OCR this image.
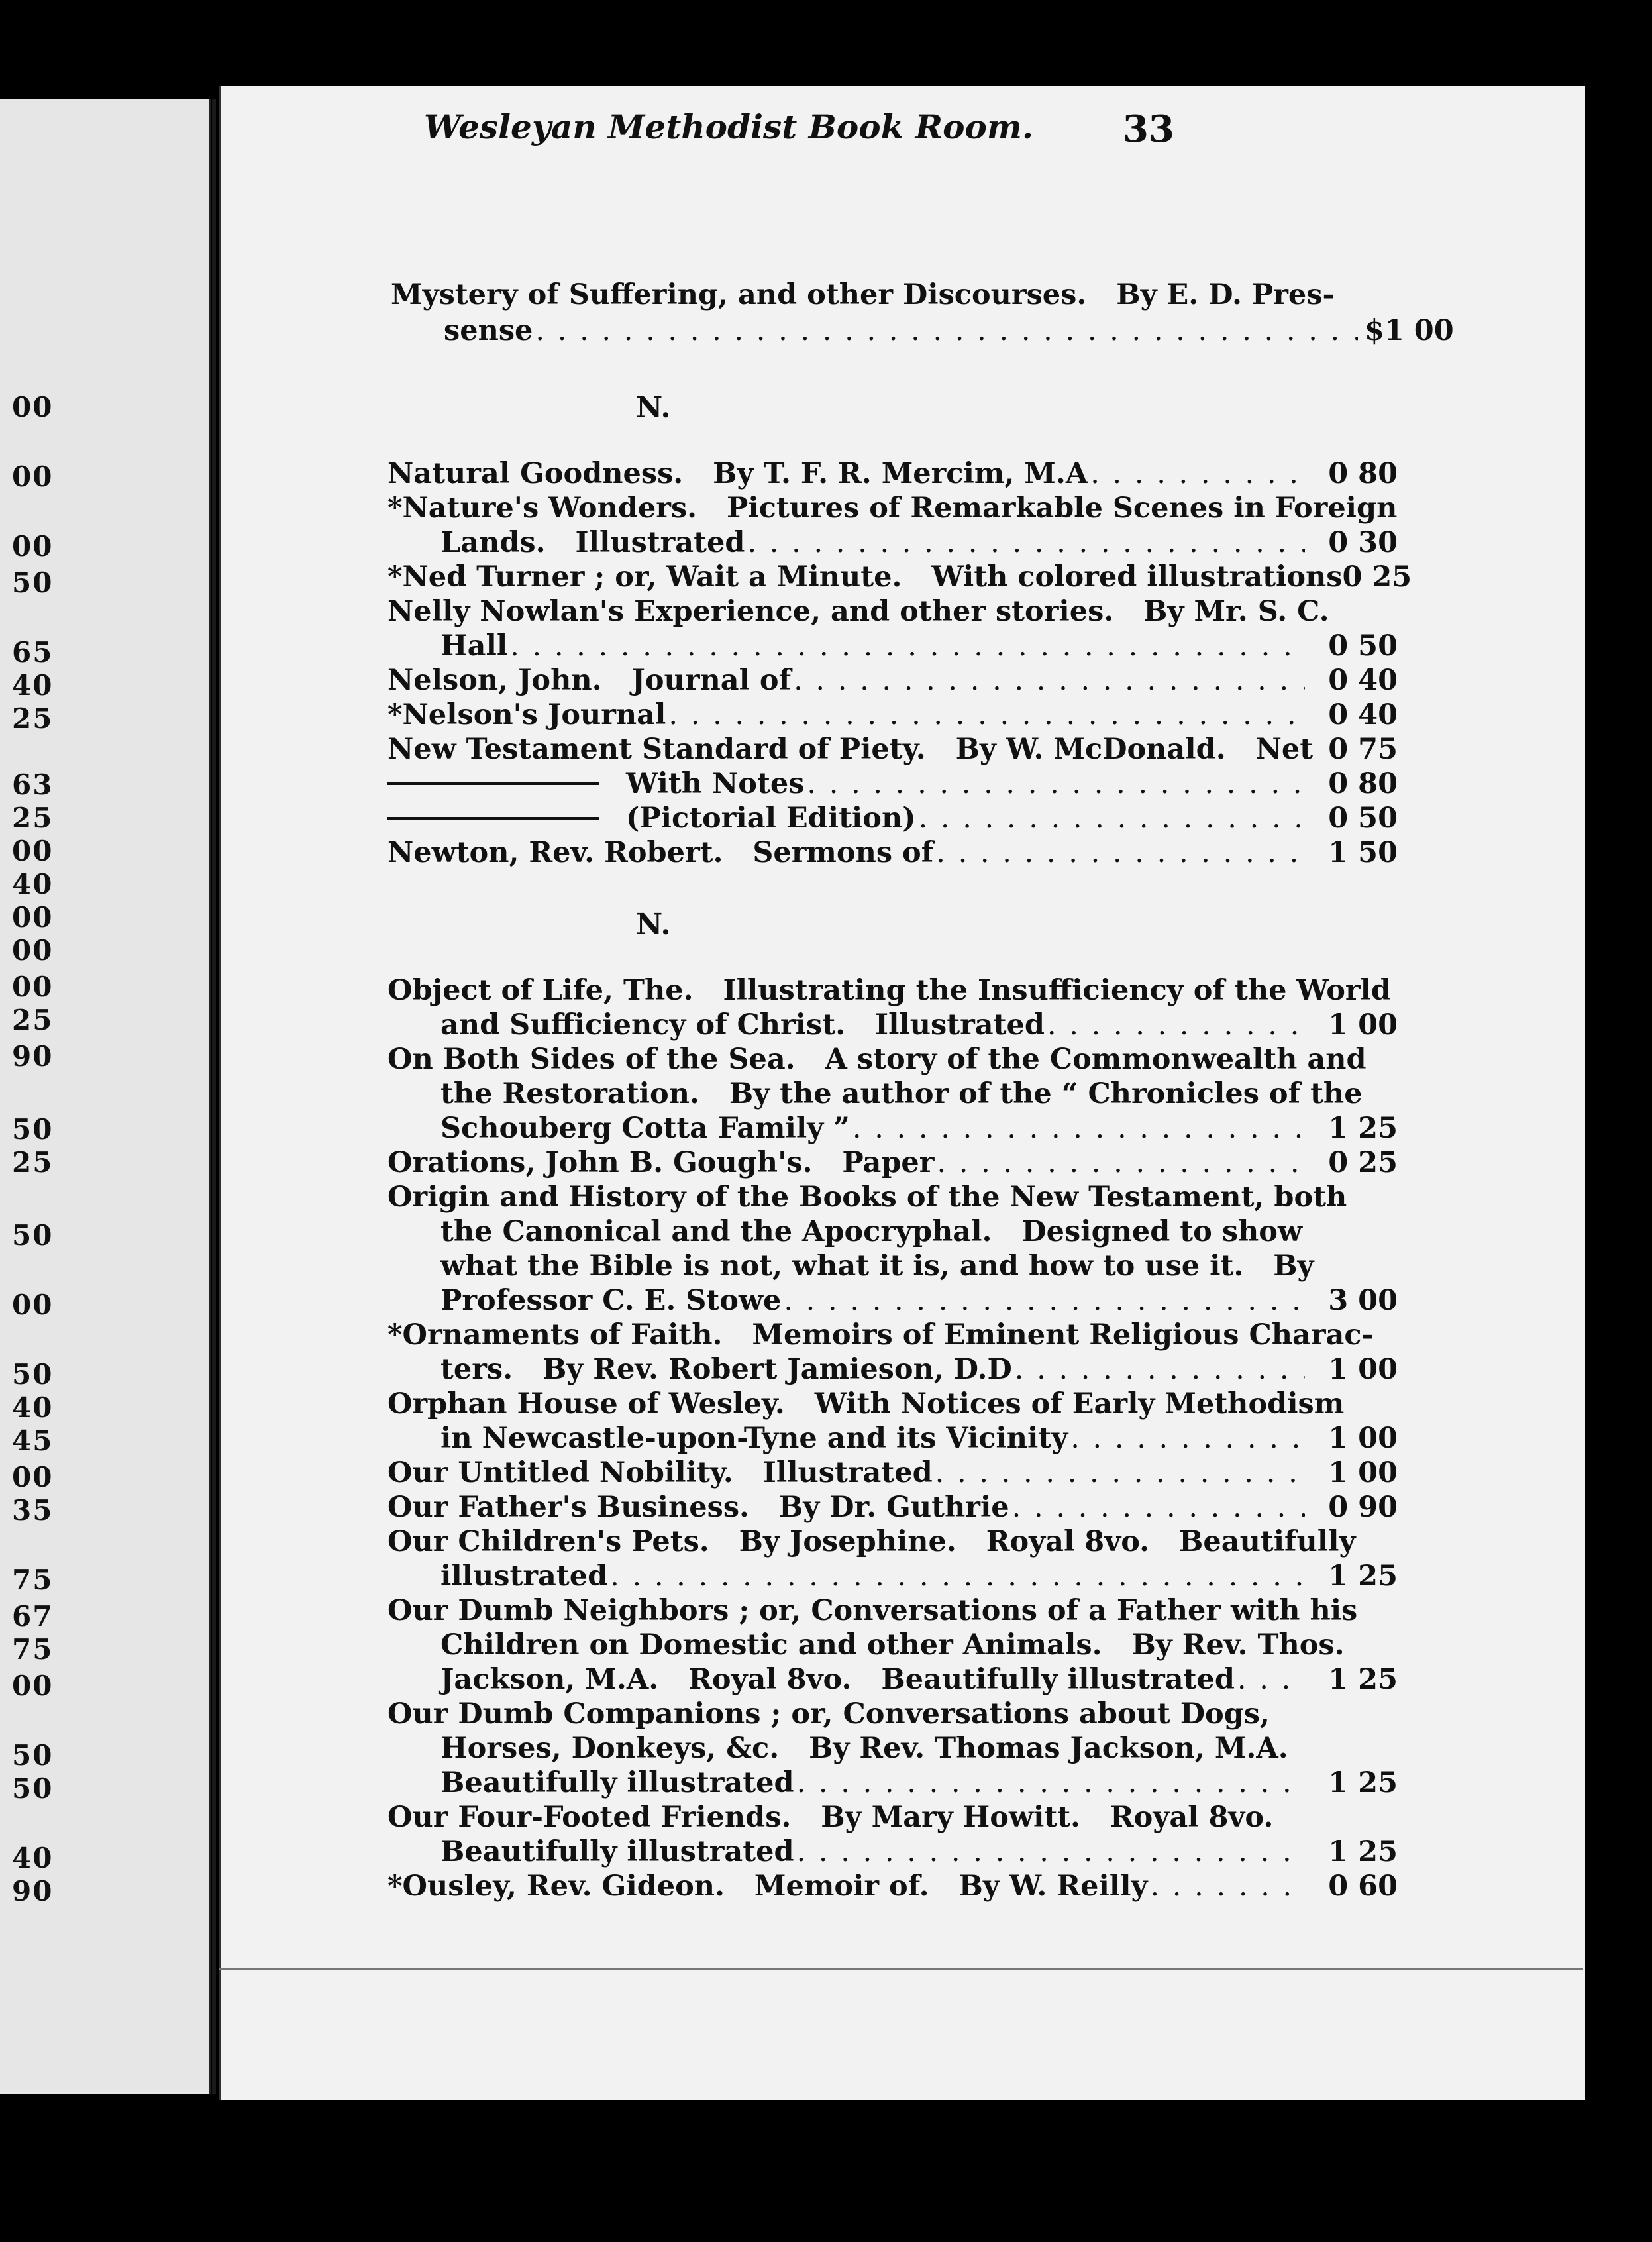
00
00
00
50
65
40
25
63
25
00
40
00
00
00
25
90
50
25
50
00
50
40
45
00
35
75
67
75
00
50
50
40
90
Wesleyan Methodist Book Room. 33
Mystery of Suffering, and other Discourses.   By E. D. Pres-
sense . . .	$1 00
N.
Natural Goodness.   By T. F. R. Mercim, M.A . . .	0 80
*Nature's Wonders.   Pictures of Remarkable Scenes in Foreign
Lands.   Illustrated . . .	0 30
*Ned Turner ; or, Wait a Minute.   With colored illustrations 0 25
Nelly Nowlan's Experience, and other stories.   By Mr. S. C.
Hall . . .	0 50
Nelson, John.   Journal of . . .	0 40
*Nelson's Journal . . .	0 40
New Testament Standard of Piety.   By W. McDonald.   Net 0 75
With Notes . . .	0 80
(Pictorial Edition) . . .	0 50
Newton, Rev. Robert.   Sermons of . . .	1 50
N.
Object of Life, The.   Illustrating the Insufficiency of the World
and Sufficiency of Christ.   Illustrated . . .	1 00
On Both Sides of the Sea.   A story of the Commonwealth and
the Restoration.   By the author of the “ Chronicles of the
Schouberg Cotta Family ” . . .	1 25
Orations, John B. Gough's.   Paper . . .	0 25
Origin and History of the Books of the New Testament, both
the Canonical and the Apocryphal.   Designed to show
what the Bible is not, what it is, and how to use it.   By
Professor C. E. Stowe . . .	3 00
*Ornaments of Faith.   Memoirs of Eminent Religious Charac-
ters.   By Rev. Robert Jamieson, D.D . . .	1 00
Orphan House of Wesley.   With Notices of Early Methodism
in Newcastle-upon-Tyne and its Vicinity . . .	1 00
Our Untitled Nobility.   Illustrated . . .	1 00
Our Father's Business.   By Dr. Guthrie . . .	0 90
Our Children's Pets.   By Josephine.   Royal 8vo.   Beautifully
illustrated . . .	1 25
Our Dumb Neighbors ; or, Conversations of a Father with his
Children on Domestic and other Animals.   By Rev. Thos.
Jackson, M.A.   Royal 8vo.   Beautifully illustrated . . .	1 25
Our Dumb Companions ; or, Conversations about Dogs,
Horses, Donkeys, &c.   By Rev. Thomas Jackson, M.A.
Beautifully illustrated . . .	1 25
Our Four-Footed Friends.   By Mary Howitt.   Royal 8vo.
Beautifully illustrated . . .	1 25
*Ousley, Rev. Gideon.   Memoir of.   By W. Reilly . . .	0 60
